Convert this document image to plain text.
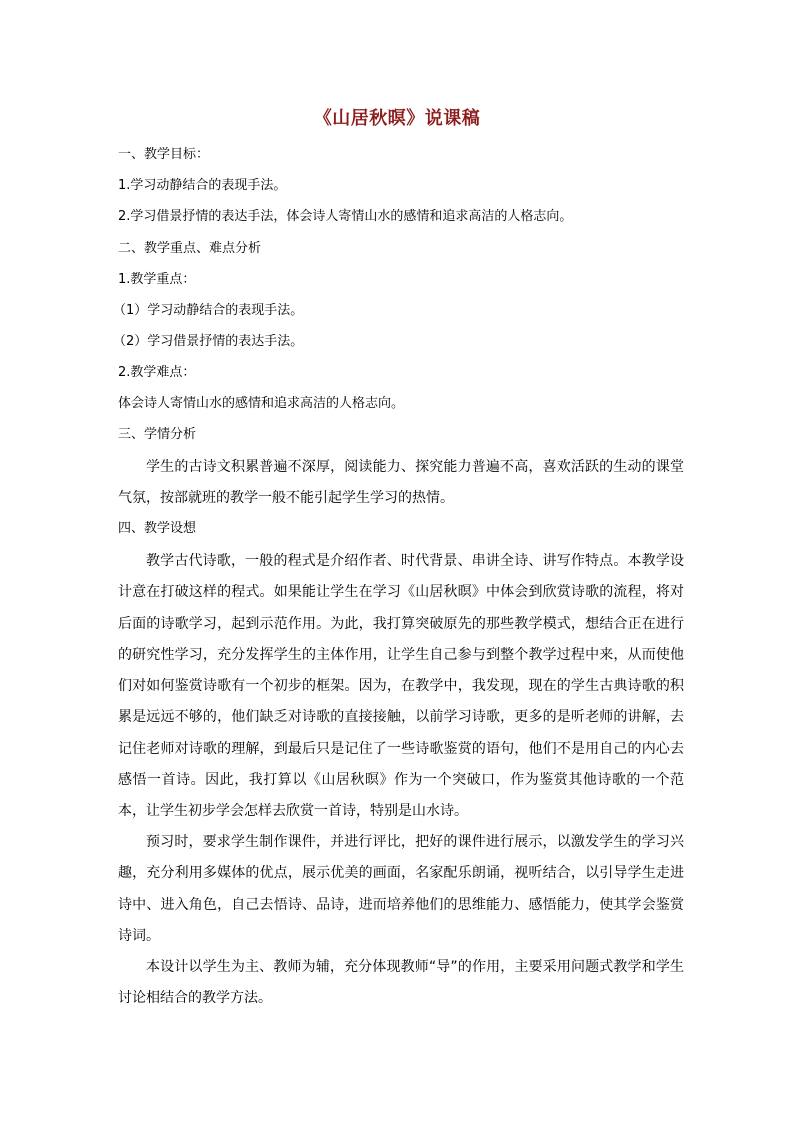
《山居秋暝》说课稿

一、教学目标：

1.学习动静结合的表现手法。

2.学习借景抒情的表达手法，体会诗人寄情山水的感情和追求高洁的人格志向。

二、教学重点、难点分析

1.教学重点：

（1）学习动静结合的表现手法。

（2）学习借景抒情的表达手法。

2.教学难点：

体会诗人寄情山水的感情和追求高洁的人格志向。

三、学情分析

学生的古诗文积累普遍不深厚，阅读能力、探究能力普遍不高，喜欢活跃的生动的课堂气氛，按部就班的教学一般不能引起学生学习的热情。

四、教学设想

教学古代诗歌，一般的程式是介绍作者、时代背景、串讲全诗、讲写作特点。本教学设计意在打破这样的程式。如果能让学生在学习《山居秋暝》中体会到欣赏诗歌的流程，将对后面的诗歌学习，起到示范作用。为此，我打算突破原先的那些教学模式，想结合正在进行的研究性学习，充分发挥学生的主体作用，让学生自己参与到整个教学过程中来，从而使他们对如何鉴赏诗歌有一个初步的框架。因为，在教学中，我发现，现在的学生古典诗歌的积累是远远不够的，他们缺乏对诗歌的直接接触，以前学习诗歌，更多的是听老师的讲解，去记住老师对诗歌的理解，到最后只是记住了一些诗歌鉴赏的语句，他们不是用自己的内心去感悟一首诗。因此，我打算以《山居秋暝》作为一个突破口，作为鉴赏其他诗歌的一个范本，让学生初步学会怎样去欣赏一首诗，特别是山水诗。

预习时，要求学生制作课件，并进行评比，把好的课件进行展示，以激发学生的学习兴趣，充分利用多媒体的优点，展示优美的画面，名家配乐朗诵，视听结合，以引导学生走进诗中、进入角色，自己去悟诗、品诗，进而培养他们的思维能力、感悟能力，使其学会鉴赏诗词。

本设计以学生为主、教师为辅，充分体现教师“导”的作用，主要采用问题式教学和学生讨论相结合的教学方法。
